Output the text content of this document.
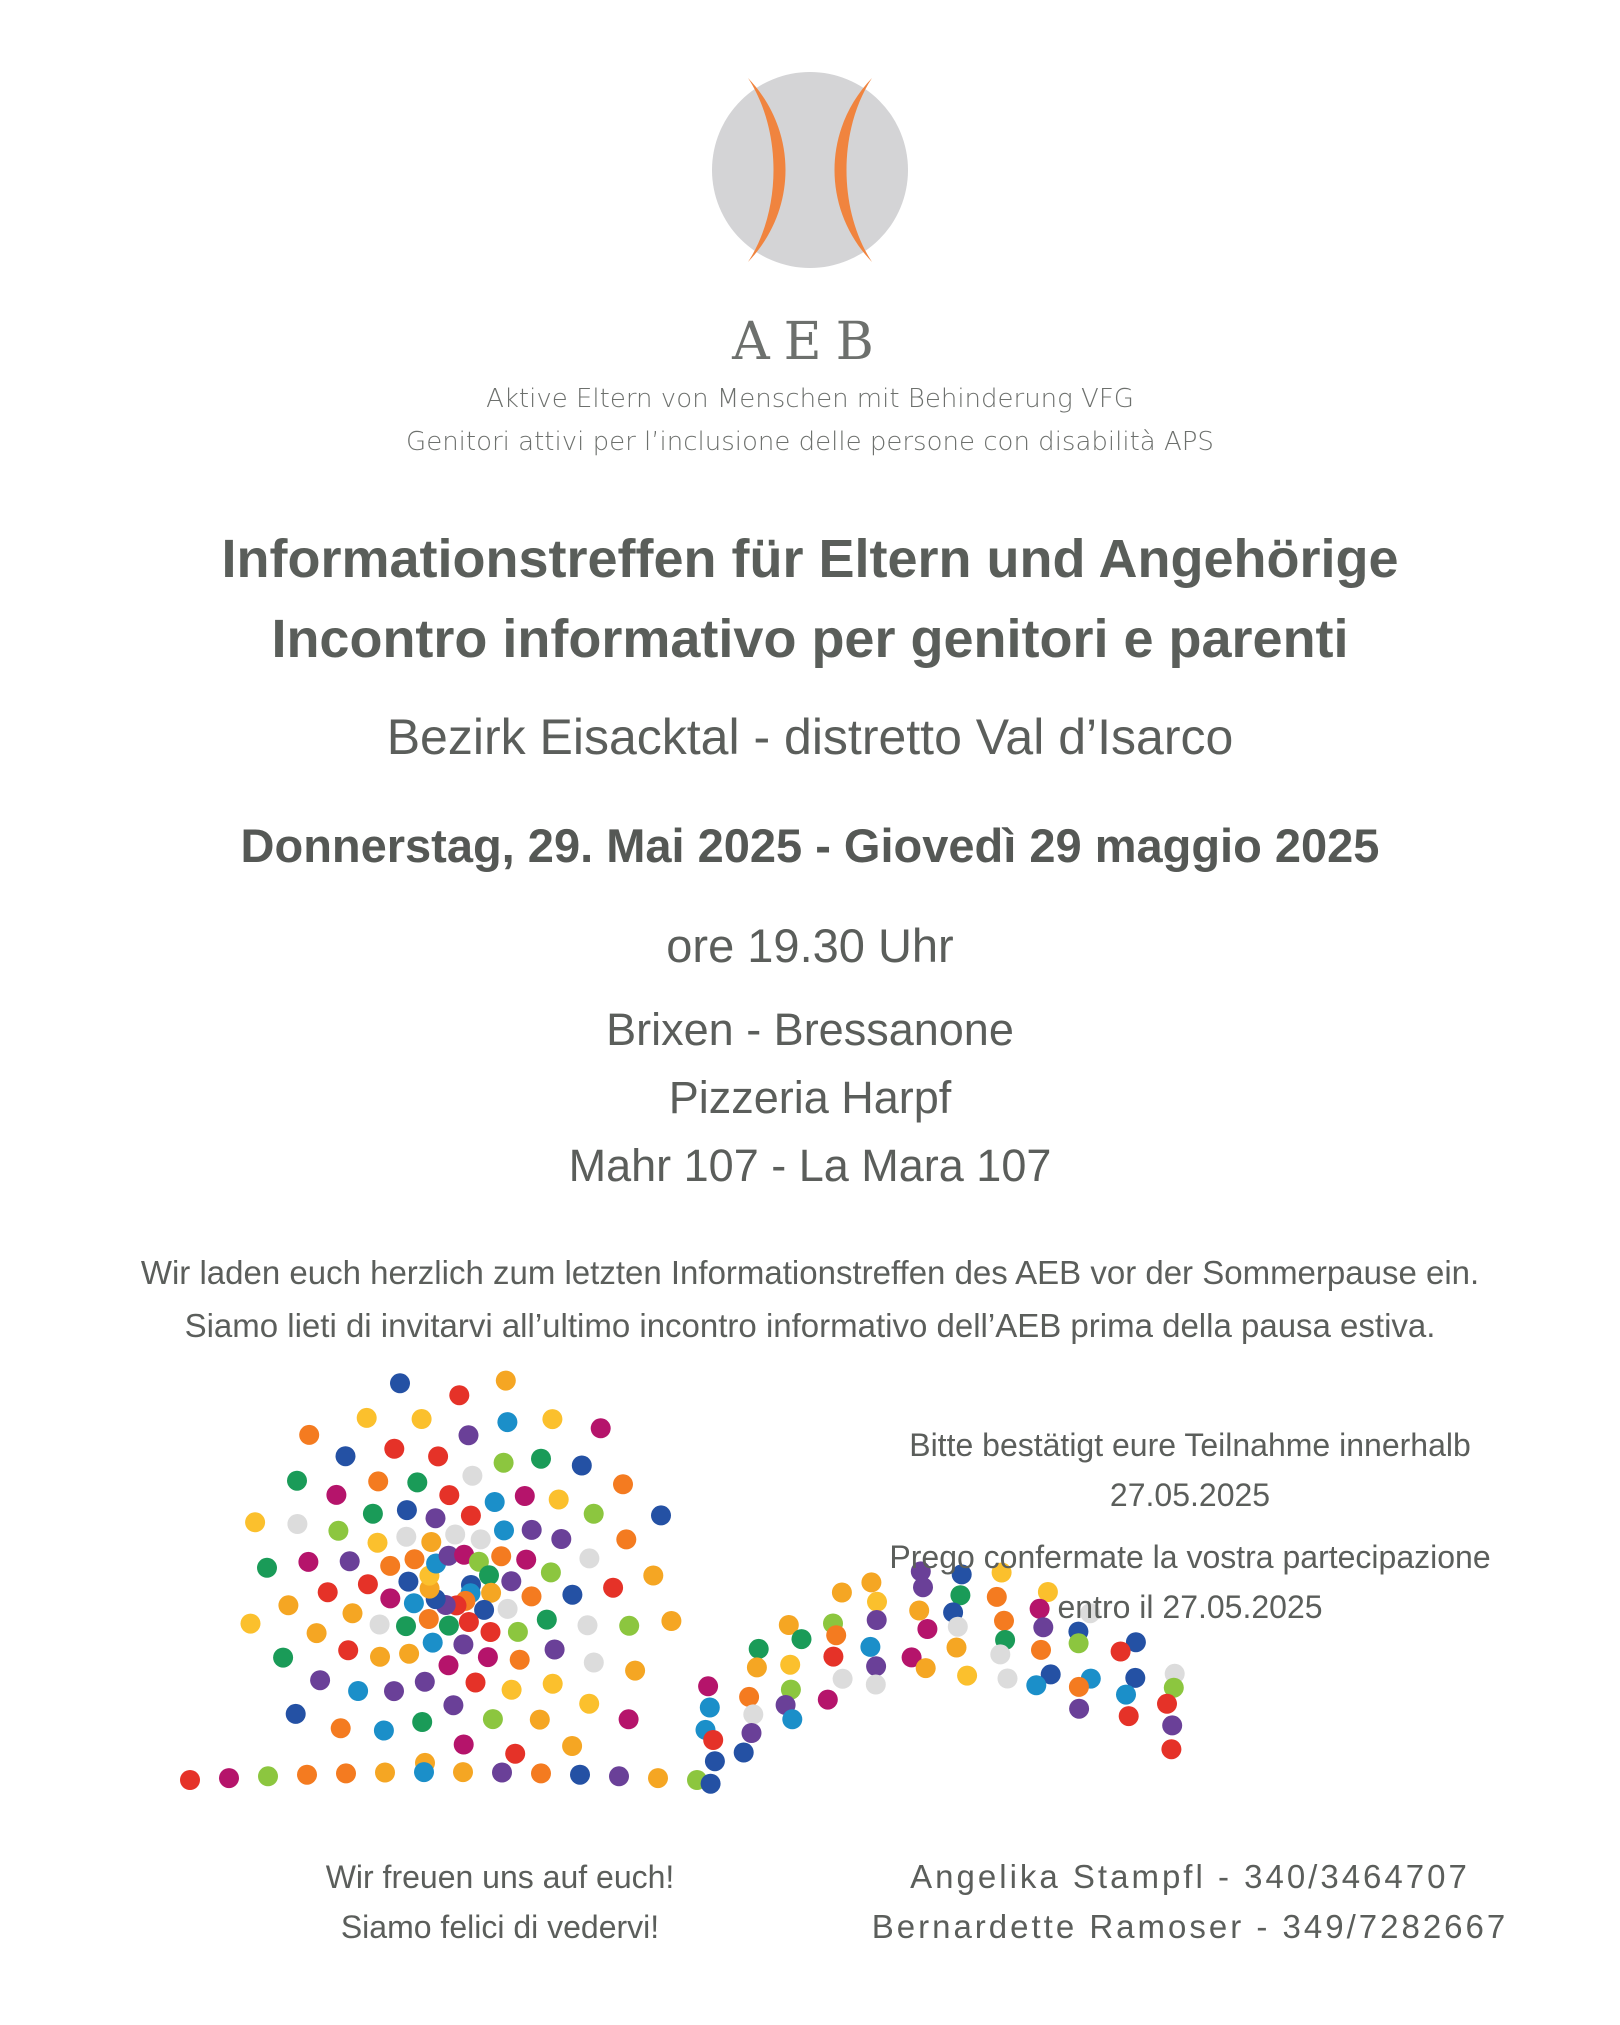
AEB
Aktive Eltern von Menschen mit Behinderung VFG
Genitori attivi per l’inclusione delle persone con disabilità APS
Informationstreffen für Eltern und Angehörige
Incontro informativo per genitori e parenti
Bezirk Eisacktal - distretto Val d’Isarco
Donnerstag, 29. Mai 2025 - Giovedì 29 maggio 2025
ore 19.30 Uhr
Brixen - Bressanone
Pizzeria Harpf
Mahr 107 - La Mara 107
Wir laden euch herzlich zum letzten Informationstreffen des AEB vor der Sommerpause ein.
Siamo lieti di invitarvi all’ultimo incontro informativo dell’AEB prima della pausa estiva.
Bitte bestätigt eure Teilnahme innerhalb
27.05.2025
Prego confermate la vostra partecipazione
entro il 27.05.2025
Wir freuen uns auf euch!
Siamo felici di vedervi!
Angelika Stampfl - 340/3464707
Bernardette Ramoser - 349/7282667
